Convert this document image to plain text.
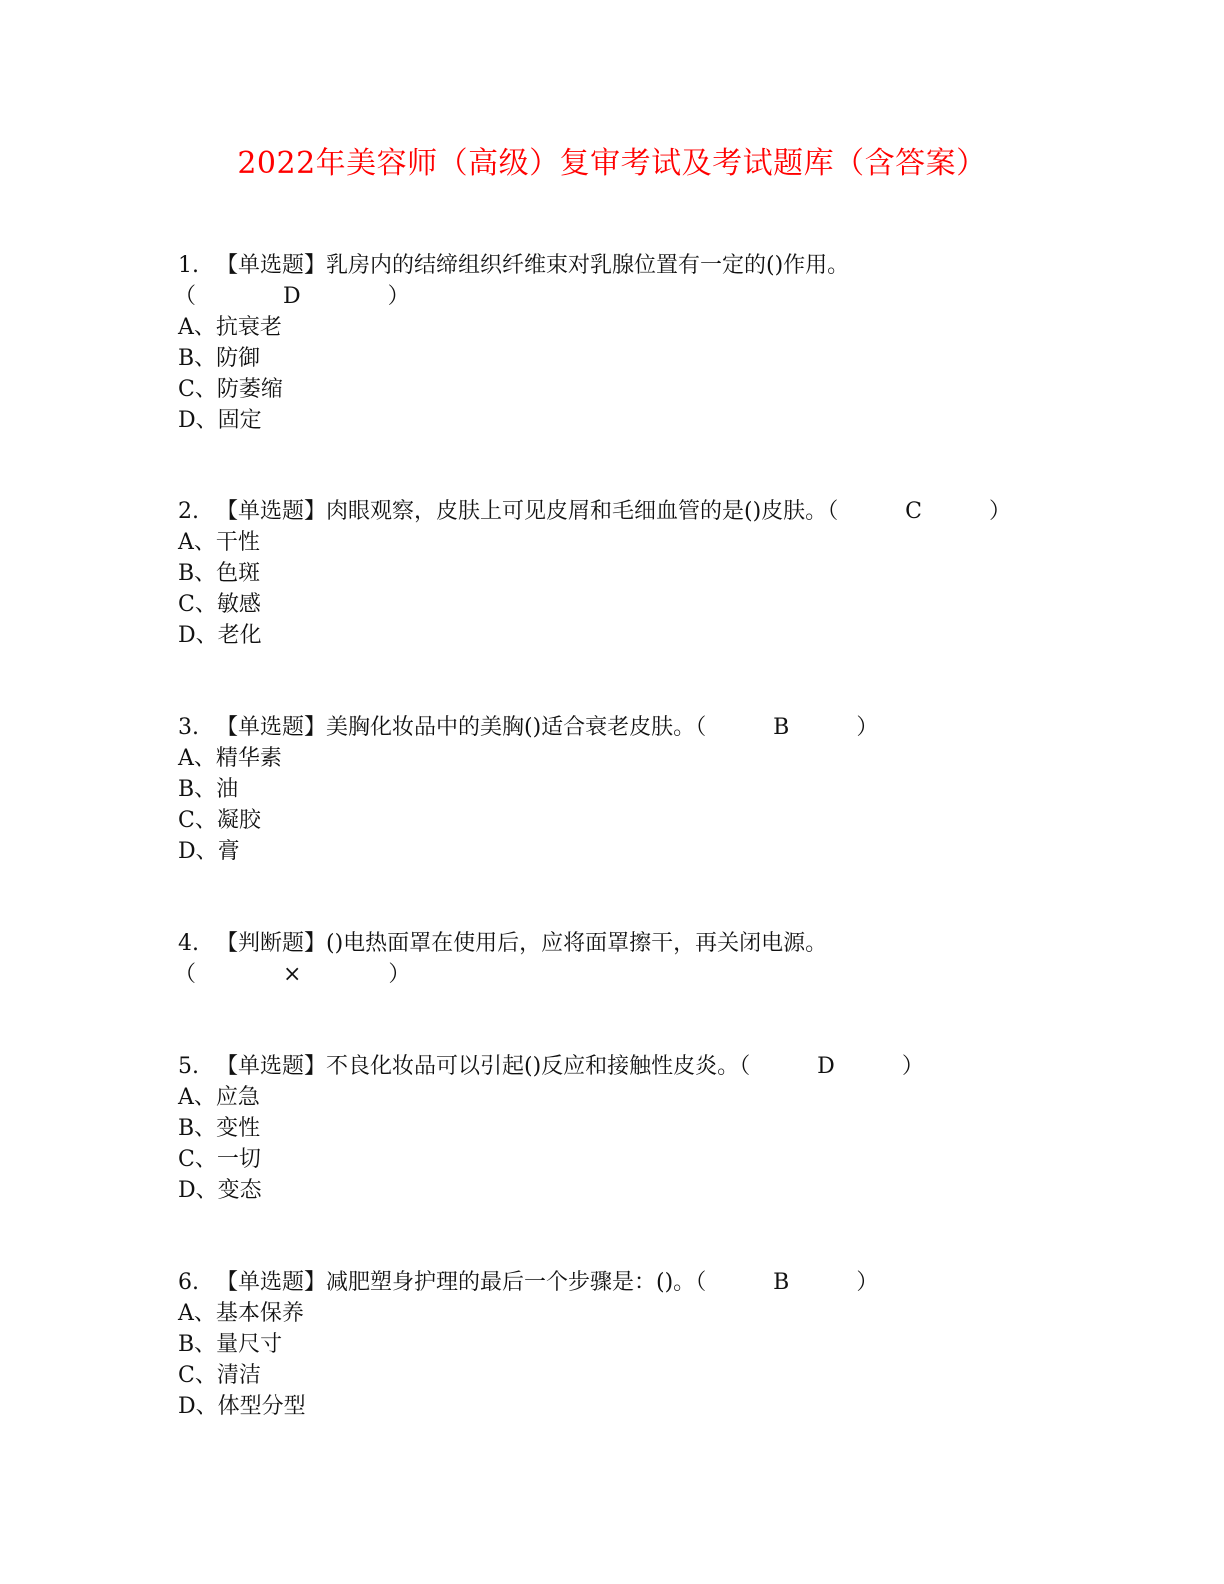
2022年美容师（高级）复审考试及考试题库（含答案）
1. 【单选题】乳房内的结缔组织纤维束对乳腺位置有一定的()作用。
（ D ）
A、抗衰老
B、防御
C、防萎缩
D、固定
2. 【单选题】肉眼观察，皮肤上可见皮屑和毛细血管的是()皮肤。（ C ）
A、干性
B、色斑
C、敏感
D、老化
3. 【单选题】美胸化妆品中的美胸()适合衰老皮肤。（ B ）
A、精华素
B、油
C、凝胶
D、膏
4. 【判断题】()电热面罩在使用后，应将面罩擦干，再关闭电源。
（ × ）
5. 【单选题】不良化妆品可以引起()反应和接触性皮炎。（ D ）
A、应急
B、变性
C、一切
D、变态
6. 【单选题】减肥塑身护理的最后一个步骤是：()。（ B ）
A、基本保养
B、量尺寸
C、清洁
D、体型分型
